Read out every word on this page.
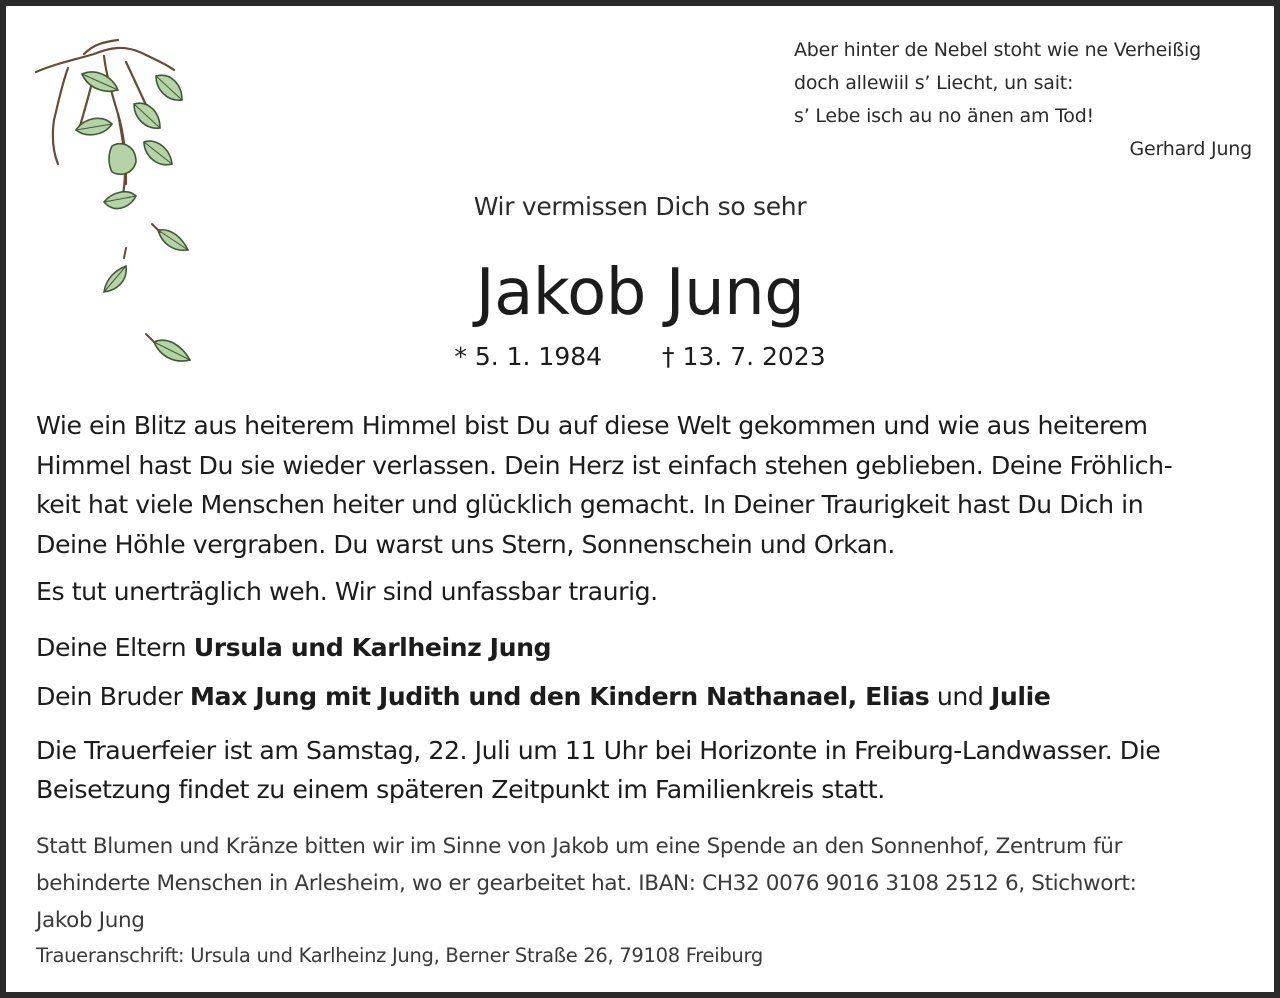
Aber hinter de Nebel stoht wie ne Verheißig
doch allewiil s’ Liecht, un sait:
s’ Lebe isch au no änen am Tod!
Gerhard Jung
Wir vermissen Dich so sehr
Jakob Jung
* 5. 1. 1984 † 13. 7. 2023

Wie ein Blitz aus heiterem Himmel bist Du auf diese Welt gekommen und wie aus heiterem
Himmel hast Du sie wieder verlassen. Dein Herz ist einfach stehen geblieben. Deine Fröhlich-
keit hat viele Menschen heiter und glücklich gemacht. In Deiner Traurigkeit hast Du Dich in
Deine Höhle vergraben. Du warst uns Stern, Sonnenschein und Orkan.

Es tut unerträglich weh. Wir sind unfassbar traurig.

Deine Eltern Ursula und Karlheinz Jung

Dein Bruder Max Jung mit Judith und den Kindern Nathanael, Elias und Julie

Die Trauerfeier ist am Samstag, 22. Juli um 11 Uhr bei Horizonte in Freiburg-Landwasser. Die
Beisetzung findet zu einem späteren Zeitpunkt im Familienkreis statt.

Statt Blumen und Kränze bitten wir im Sinne von Jakob um eine Spende an den Sonnenhof, Zentrum für
behinderte Menschen in Arlesheim, wo er gearbeitet hat. IBAN: CH32 0076 9016 3108 2512 6, Stichwort:
Jakob Jung
Traueranschrift: Ursula und Karlheinz Jung, Berner Straße 26, 79108 Freiburg
